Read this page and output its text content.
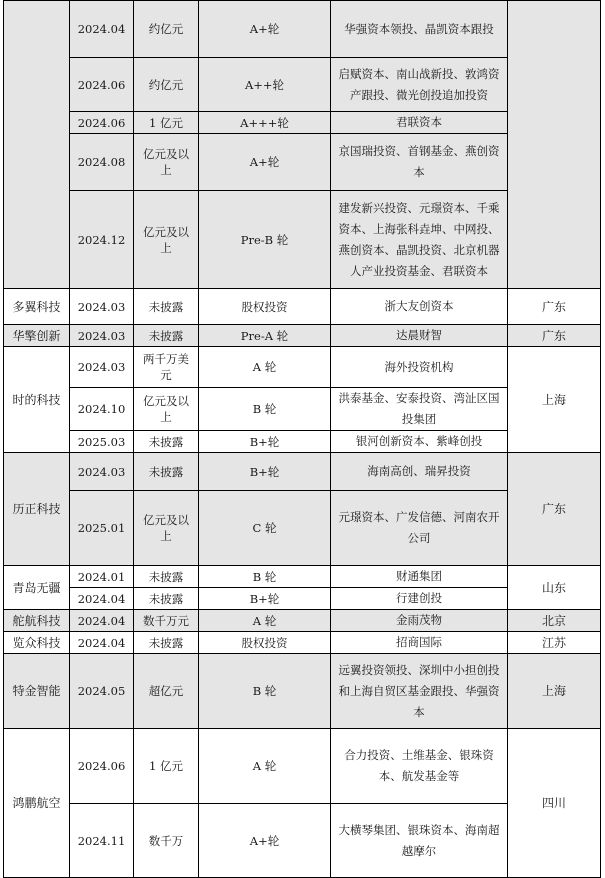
	2024.04	约亿元	A+轮	华强资本领投、晶凯资本跟投	
	2024.06	约亿元	A++轮	启赋资本、南山战新投、敦鸿资产跟投、微光创投追加投资	
	2024.06	1 亿元	A+++轮	君联资本	
	2024.08	亿元及以上	A+轮	京国瑞投资、首钢基金、燕创资本	
	2024.12	亿元及以上	Pre-B 轮	建发新兴投资、元璟资本、千乘资本、上海张科垚坤、中网投、燕创资本、晶凯投资、北京机器人产业投资基金、君联资本	
多翼科技	2024.03	未披露	股权投资	浙大友创资本	广东
华擎创新	2024.03	未披露	Pre-A 轮	达晨财智	广东
时的科技	2024.03	两千万美元	A 轮	海外投资机构	上海
	2024.10	亿元及以上	B 轮	洪泰基金、安泰投资、湾沚区国投集团	
	2025.03	未披露	B+轮	银河创新资本、紫峰创投	
历正科技	2024.03	未披露	B+轮	海南高创、瑞昇投资	广东
	2025.01	亿元及以上	C 轮	元璟资本、广发信德、河南农开公司	
青岛无疆	2024.01	未披露	B 轮	财通集团	山东
	2024.04	未披露	B+轮	行建创投	
舵航科技	2024.04	数千万元	A 轮	金雨茂物	北京
览众科技	2024.04	未披露	股权投资	招商国际	江苏
特金智能	2024.05	超亿元	B 轮	远翼投资领投、深圳中小担创投和上海自贸区基金跟投、华强资本	上海
鸿鹏航空	2024.06	1 亿元	A 轮	合力投资、土维基金、银珠资本、航发基金等	四川
	2024.11	数千万	A+轮	大横琴集团、银珠资本、海南超越摩尔	
